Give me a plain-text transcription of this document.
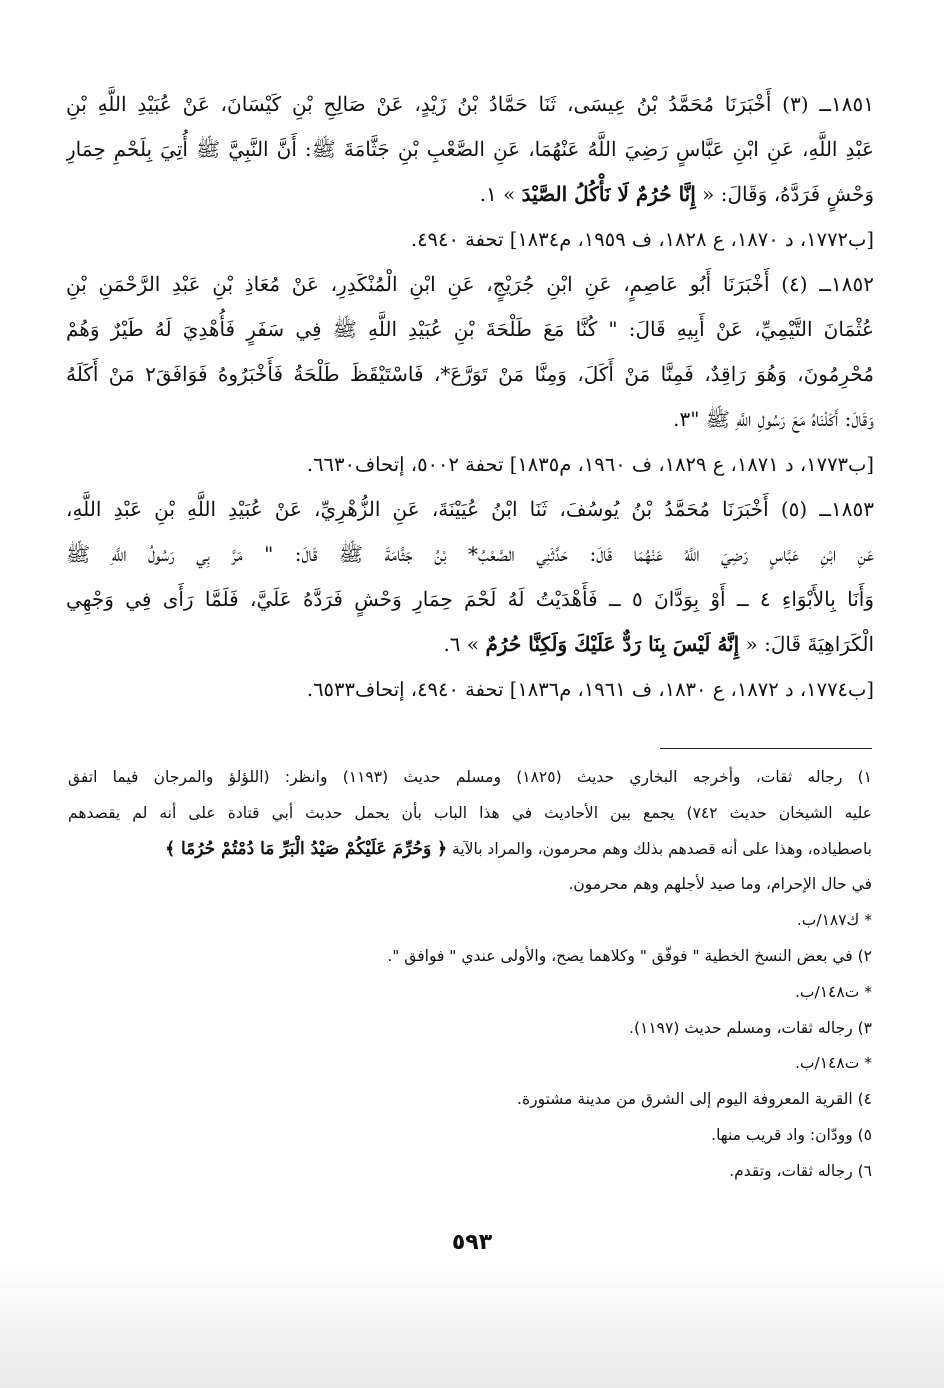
١٨٥١ــ (٣) أَخْبَرَنَا مُحَمَّدُ بْنُ عِيسَى، ثَنَا حَمَّادُ بْنُ زَيْدٍ، عَنْ صَالِحِ بْنِ كَيْسَانَ، عَنْ عُبَيْدِ اللَّهِ بْنِ
عَبْدِ اللَّهِ، عَنِ ابْنِ عَبَّاسٍ رَضِيَ اللَّهُ عَنْهُمَا، عَنِ الصَّعْبِ بْنِ جَثَّامَةَ ﷺ: أَنَّ النَّبِيَّ ﷺ أُتِيَ بِلَحْمِ حِمَارِ
وَحْشٍ فَرَدَّهُ، وَقَالَ: « إِنَّا حُرُمٌ لَا نَأْكُلُ الصَّيْدَ » ١.
[ب١٧٧٢، د ١٨٧٠، ع ١٨٢٨، ف ١٩٥٩، م١٨٣٤] تحفة ٤٩٤٠.
١٨٥٢ــ (٤) أَخْبَرَنَا أَبُو عَاصِمٍ، عَنِ ابْنِ جُرَيْجٍ، عَنِ ابْنِ الْمُنْكَدِرِ، عَنْ مُعَاذِ بْنِ عَبْدِ الرَّحْمَنِ بْنِ
عُثْمَانَ التَّيْمِيِّ، عَنْ أَبِيهِ قَالَ: " كُنَّا مَعَ طَلْحَةَ بْنِ عُبَيْدِ اللَّهِ ﷺ فِي سَفَرٍ فَأُهْدِيَ لَهُ طَيْرٌ وَهُمْ
مُحْرِمُونَ، وَهُوَ رَاقِدٌ، فَمِنَّا مَنْ أَكَلَ، وَمِنَّا مَنْ تَوَرَّعَ*، فَاسْتَيْقَظَ طَلْحَةُ فَأَخْبَرُوهُ فَوَافَقَ٢ مَنْ أَكَلَهُ
وَقَالَ: أَكَلْنَاهُ مَعَ رَسُولِ اللَّهِ ﷺ "٣.
[ب١٧٧٣، د ١٨٧١، ع ١٨٢٩، ف ١٩٦٠، م١٨٣٥] تحفة ٥٠٠٢، إتحاف٦٦٣٠.
١٨٥٣ــ (٥) أَخْبَرَنَا مُحَمَّدُ بْنُ يُوسُفَ، ثَنَا ابْنُ عُيَيْنَةَ، عَنِ الزُّهْرِيِّ، عَنْ عُبَيْدِ اللَّهِ بْنِ عَبْدِ اللَّهِ،
عَنِ ابْنِ عَبَّاسٍ رَضِيَ اللَّهُ عَنْهُمَا قَالَ: حَدَّثَنِي الصَّعْبُ* بْنُ جَثَّامَةَ ﷺ قَالَ: " مَرَّ بِي رَسُولُ اللَّهِ ﷺ
وَأَنَا بِالأَبْوَاءِ ٤ ــ أَوْ بِوَدَّانَ ٥ ــ فَأَهْدَيْتُ لَهُ لَحْمَ حِمَارِ وَحْشٍ فَرَدَّهُ عَلَيَّ، فَلَمَّا رَأَى فِي وَجْهِي
الْكَرَاهِيَةَ قَالَ: « إِنَّهُ لَيْسَ بِنَا رَدٌّ عَلَيْكَ وَلَكِنَّا حُرُمٌ » ٦.
[ب١٧٧٤، د ١٨٧٢، ع ١٨٣٠، ف ١٩٦١، م١٨٣٦] تحفة ٤٩٤٠، إتحاف٦٥٣٣.
١) رجاله ثقات، وأخرجه البخاري حديث (١٨٢٥) ومسلم حديث (١١٩٣) وانظر: (اللؤلؤ والمرجان فيما اتفق
عليه الشيخان حديث ٧٤٢) يجمع بين الأحاديث في هذا الباب بأن يحمل حديث أبي قتادة على أنه لم يقصدهم
باصطياده، وهذا على أنه قصدهم بذلك وهم محرمون، والمراد بالآية ﴿ وَحُرِّمَ عَلَيْكُمْ صَيْدُ الْبَرِّ مَا دُمْتُمْ حُرُمًا ﴾
في حال الإحرام، وما صيد لأجلهم وهم محرمون.
* ك١٨٧/ب.
٢) في بعض النسخ الخطية " فوفّق " وكلاهما يصح، والأولى عندي " فوافق ".
* ت١٤٨/ب.
٣) رجاله ثقات، ومسلم حديث (١١٩٧).
* ت١٤٨/ب.
٤) القرية المعروفة اليوم إلى الشرق من مدينة مشتورة.
٥) وودّان: واد قريب منها.
٦) رجاله ثقات، وتقدم.
٥٩٣
